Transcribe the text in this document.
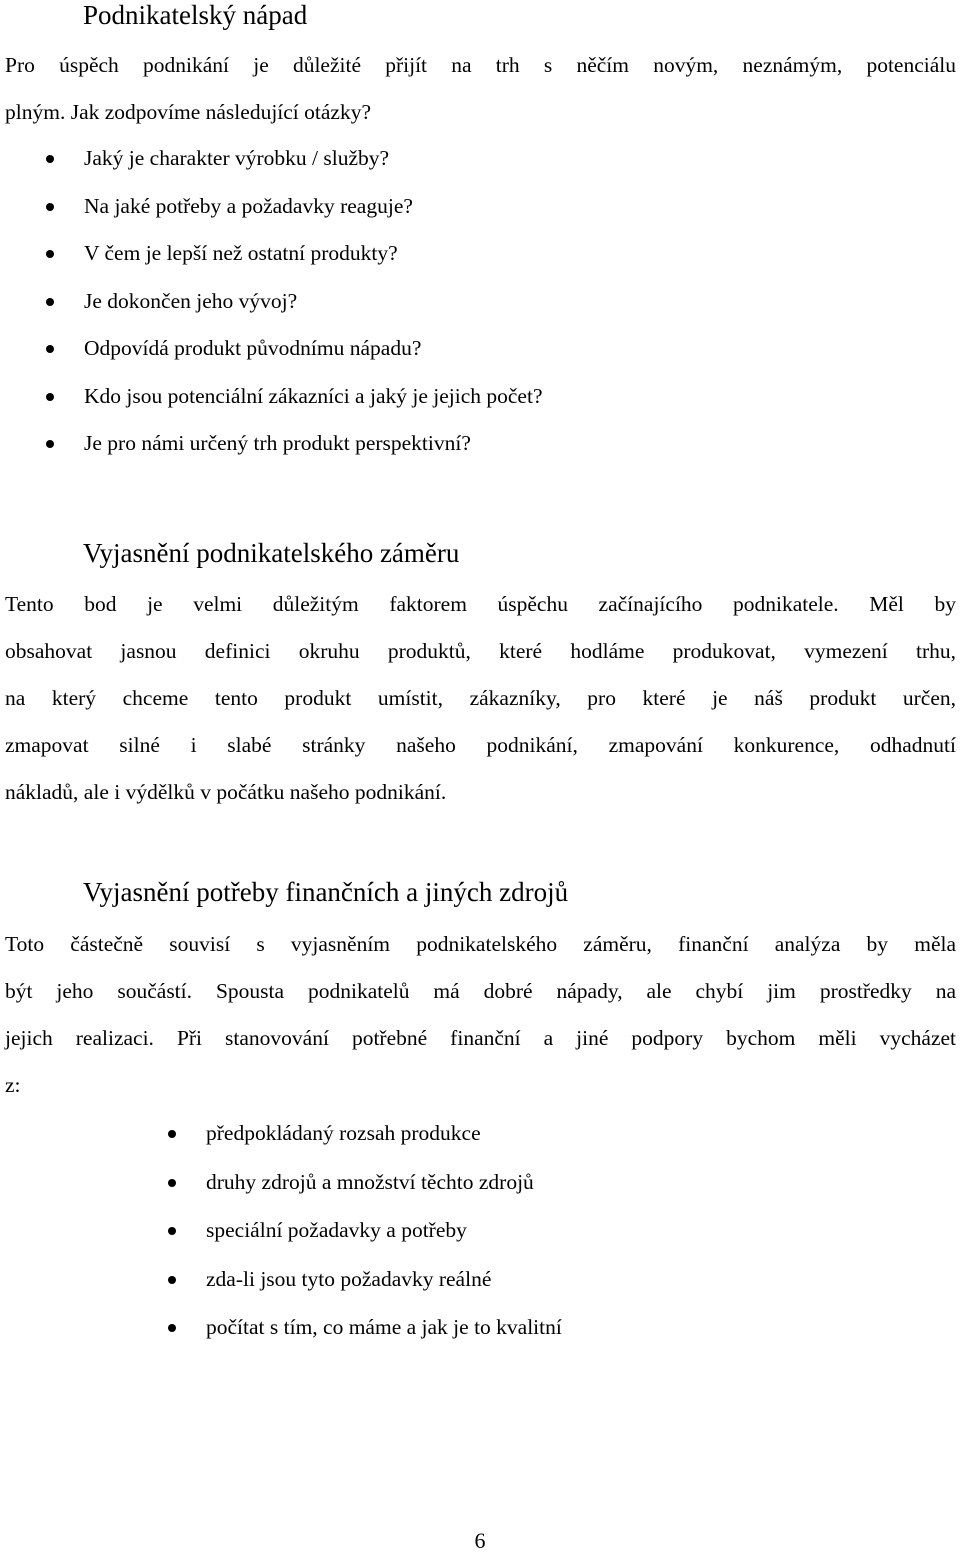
Podnikatelský nápad
Pro úspěch podnikání je důležité přijít na trh s něčím novým, neznámým, potenciálu
plným. Jak zodpovíme následující otázky?
Jaký je charakter výrobku / služby?
Na jaké potřeby a požadavky reaguje?
V čem je lepší než ostatní produkty?
Je dokončen jeho vývoj?
Odpovídá produkt původnímu nápadu?
Kdo jsou potenciální zákazníci a jaký je jejich počet?
Je pro námi určený trh produkt perspektivní?
Vyjasnění podnikatelského záměru
Tento bod je velmi důležitým faktorem úspěchu začínajícího podnikatele. Měl by
obsahovat jasnou definici okruhu produktů, které hodláme produkovat, vymezení trhu,
na který chceme tento produkt umístit, zákazníky, pro které je náš produkt určen,
zmapovat silné i slabé stránky našeho podnikání, zmapování konkurence, odhadnutí
nákladů, ale i výdělků v počátku našeho podnikání.
Vyjasnění potřeby finančních a jiných zdrojů
Toto částečně souvisí s vyjasněním podnikatelského záměru, finanční analýza by měla
být jeho součástí. Spousta podnikatelů má dobré nápady, ale chybí jim prostředky na
jejich realizaci. Při stanovování potřebné finanční a jiné podpory bychom měli vycházet
z:
předpokládaný rozsah produkce
druhy zdrojů a množství těchto zdrojů
speciální požadavky a potřeby
zda-li jsou tyto požadavky reálné
počítat s tím, co máme a jak je to kvalitní
6
